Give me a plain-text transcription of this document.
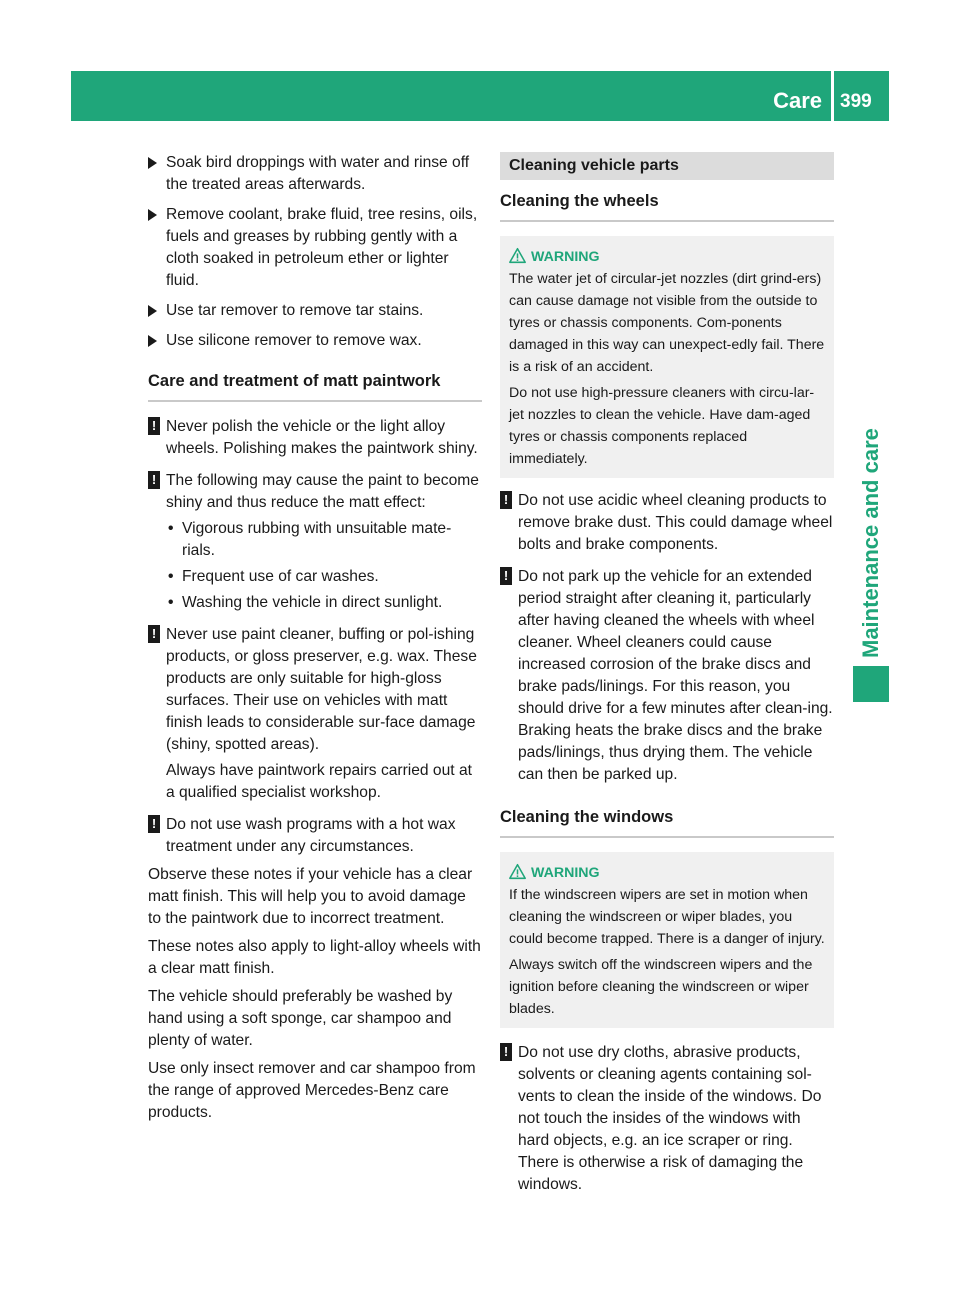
Care 399
Maintenance and care
Soak bird droppings with water and rinse off the treated areas afterwards.
Remove coolant, brake fluid, tree resins, oils, fuels and greases by rubbing gently with a cloth soaked in petroleum ether or lighter fluid.
Use tar remover to remove tar stains.
Use silicone remover to remove wax.
Care and treatment of matt paintwork
! Never polish the vehicle or the light alloy wheels. Polishing makes the paintwork shiny.
! The following may cause the paint to become shiny and thus reduce the matt effect:
• Vigorous rubbing with unsuitable mate-rials.
• Frequent use of car washes.
• Washing the vehicle in direct sunlight.
! Never use paint cleaner, buffing or pol-ishing products, or gloss preserver, e.g. wax. These products are only suitable for high-gloss surfaces. Their use on vehicles with matt finish leads to considerable sur-face damage (shiny, spotted areas).
Always have paintwork repairs carried out at a qualified specialist workshop.
! Do not use wash programs with a hot wax treatment under any circumstances.

Observe these notes if your vehicle has a clear matt finish. This will help you to avoid damage to the paintwork due to incorrect treatment.

These notes also apply to light-alloy wheels with a clear matt finish.

The vehicle should preferably be washed by hand using a soft sponge, car shampoo and plenty of water.

Use only insect remover and car shampoo from the range of approved Mercedes-Benz care products.

Cleaning vehicle parts
Cleaning the wheels
WARNING

The water jet of circular-jet nozzles (dirt grind-ers) can cause damage not visible from the outside to tyres or chassis components. Com-ponents damaged in this way can unexpect-edly fail. There is a risk of an accident.

Do not use high-pressure cleaners with circu-lar-jet nozzles to clean the vehicle. Have dam-aged tyres or chassis components replaced immediately.

! Do not use acidic wheel cleaning products to remove brake dust. This could damage wheel bolts and brake components.
! Do not park up the vehicle for an extended period straight after cleaning it, particularly after having cleaned the wheels with wheel cleaner. Wheel cleaners could cause increased corrosion of the brake discs and brake pads/linings. For this reason, you should drive for a few minutes after clean-ing. Braking heats the brake discs and the brake pads/linings, thus drying them. The vehicle can then be parked up.
Cleaning the windows
WARNING

If the windscreen wipers are set in motion when cleaning the windscreen or wiper blades, you could become trapped. There is a danger of injury.

Always switch off the windscreen wipers and the ignition before cleaning the windscreen or wiper blades.

! Do not use dry cloths, abrasive products, solvents or cleaning agents containing sol-vents to clean the inside of the windows. Do not touch the insides of the windows with hard objects, e.g. an ice scraper or ring. There is otherwise a risk of damaging the windows.
